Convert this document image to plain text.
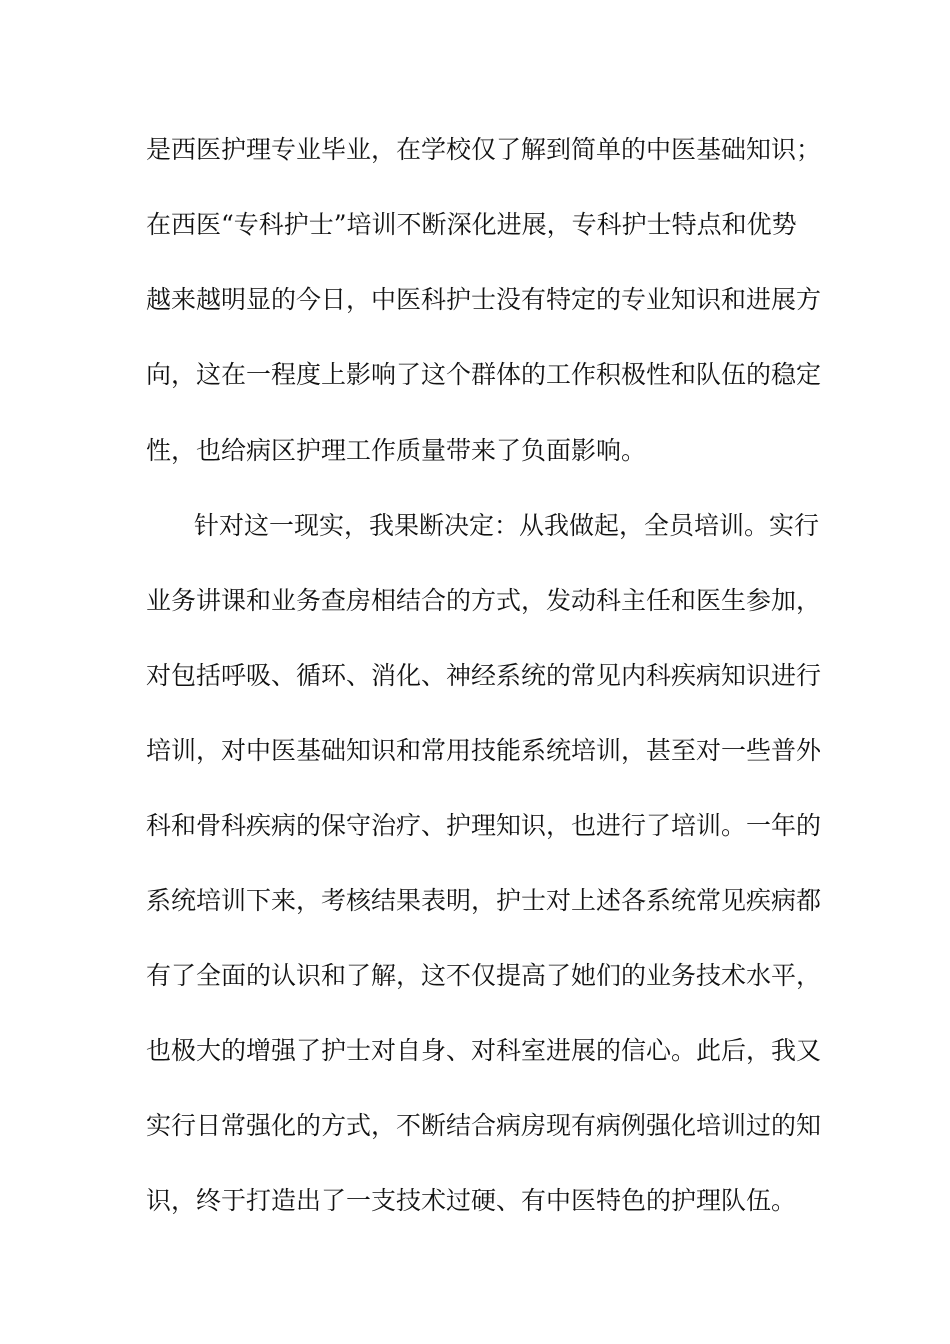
是西医护理专业毕业，在学校仅了解到简单的中医基础知识；
在西医“专科护士”培训不断深化进展，专科护士特点和优势
越来越明显的今日，中医科护士没有特定的专业知识和进展方
向，这在一程度上影响了这个群体的工作积极性和队伍的稳定
性，也给病区护理工作质量带来了负面影响。
针对这一现实，我果断决定：从我做起，全员培训。实行
业务讲课和业务查房相结合的方式，发动科主任和医生参加，
对包括呼吸、循环、消化、神经系统的常见内科疾病知识进行
培训，对中医基础知识和常用技能系统培训，甚至对一些普外
科和骨科疾病的保守治疗、护理知识，也进行了培训。一年的
系统培训下来，考核结果表明，护士对上述各系统常见疾病都
有了全面的认识和了解，这不仅提高了她们的业务技术水平，
也极大的增强了护士对自身、对科室进展的信心。此后，我又
实行日常强化的方式，不断结合病房现有病例强化培训过的知
识，终于打造出了一支技术过硬、有中医特色的护理队伍。
